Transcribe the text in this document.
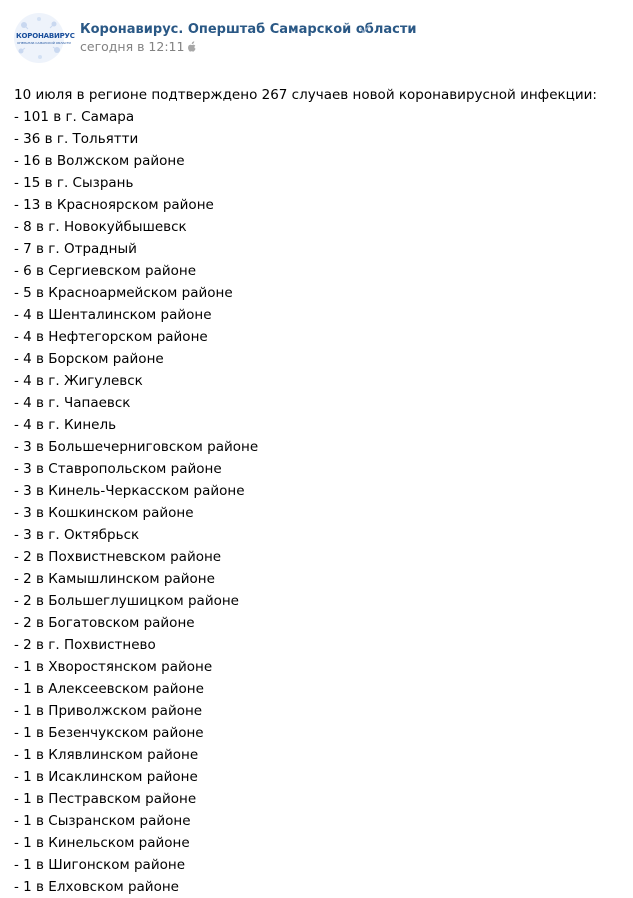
КОРОНАВИРУС
ОПЕРШТАБ САМАРСКОЙ ОБЛАСТИ
Коронавирус. Оперштаб Самарской области
сегодня в 12:11
10 июля в регионе подтверждено 267 случаев новой коронавирусной инфекции:
- 101 в г. Самара
- 36 в г. Тольятти
- 16 в Волжском районе
- 15 в г. Сызрань
- 13 в Красноярском районе
- 8 в г. Новокуйбышевск
- 7 в г. Отрадный
- 6 в Сергиевском районе
- 5 в Красноармейском районе
- 4 в Шенталинском районе
- 4 в Нефтегорском районе
- 4 в Борском районе
- 4 в г. Жигулевск
- 4 в г. Чапаевск
- 4 в г. Кинель
- 3 в Большечерниговском районе
- 3 в Ставропольском районе
- 3 в Кинель-Черкасском районе
- 3 в Кошкинском районе
- 3 в г. Октябрьск
- 2 в Похвистневском районе
- 2 в Камышлинском районе
- 2 в Большеглушицком районе
- 2 в Богатовском районе
- 2 в г. Похвистнево
- 1 в Хворостянском районе
- 1 в Алексеевском районе
- 1 в Приволжском районе
- 1 в Безенчукском районе
- 1 в Клявлинском районе
- 1 в Исаклинском районе
- 1 в Пестравском районе
- 1 в Сызранском районе
- 1 в Кинельском районе
- 1 в Шигонском районе
- 1 в Елховском районе
